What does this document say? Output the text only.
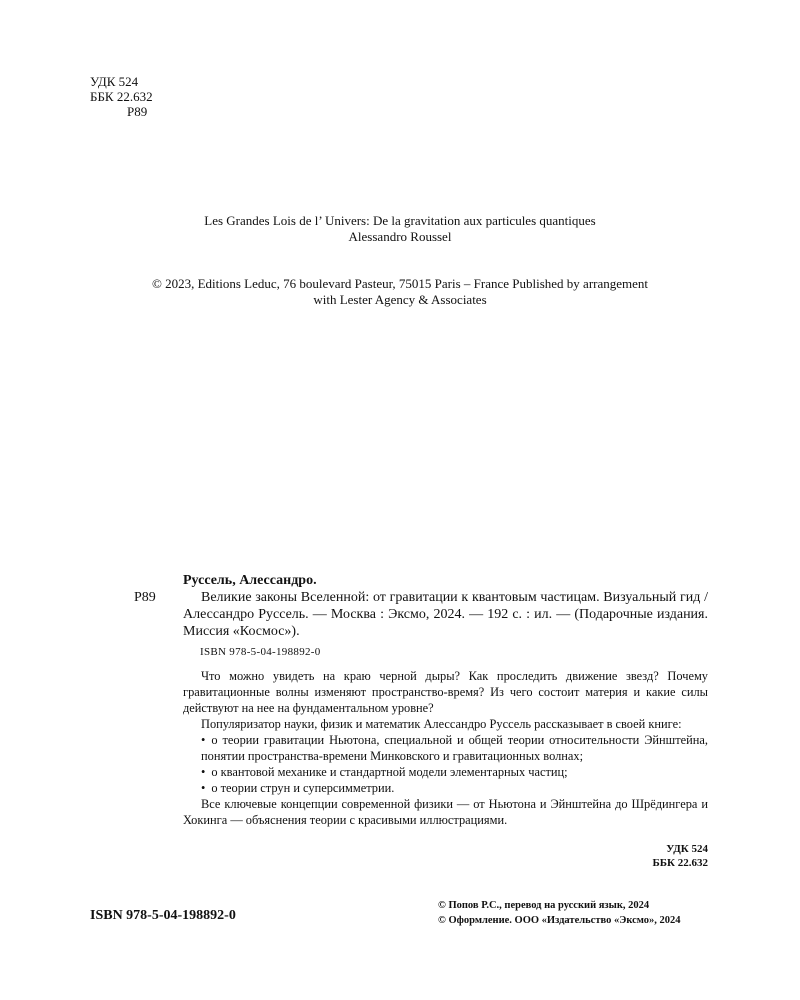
УДК 524
ББК 22.632
Р89
Les Grandes Lois de l’ Univers: De la gravitation aux particules quantiques
Alessandro Roussel
© 2023, Editions Leduc, 76 boulevard Pasteur, 75015 Paris – France Published by arrangement
with Lester Agency & Associates
Р89
Руссель, Алессандро.
Великие законы Вселенной: от гравитации к квантовым частицам. Визуальный гид / Алессандро Руссель. — Москва : Эксмо, 2024. — 192 с. : ил. — (Подарочные издания. Миссия «Космос»).
ISBN 978-5-04-198892-0

Что можно увидеть на краю черной дыры? Как проследить движение звезд? Почему гравитационные волны изменяют пространство-время? Из чего состоит материя и какие силы действуют на нее на фундаментальном уровне?

Популяризатор науки, физик и математик Алессандро Руссель рассказывает в своей книге:

• о теории гравитации Ньютона, специальной и общей теории относительности Эйнштейна, понятии пространства-времени Минковского и гравитационных волнах;

• о квантовой механике и стандартной модели элементарных частиц;

• о теории струн и суперсимметрии.

Все ключевые концепции современной физики — от Ньютона и Эйнштейна до Шрёдингера и Хокинга — объяснения теории с красивыми иллюстрациями.

УДК 524
ББК 22.632
ISBN 978-5-04-198892-0
© Попов Р.С., перевод на русский язык, 2024
© Оформление. ООО «Издательство «Эксмо», 2024
